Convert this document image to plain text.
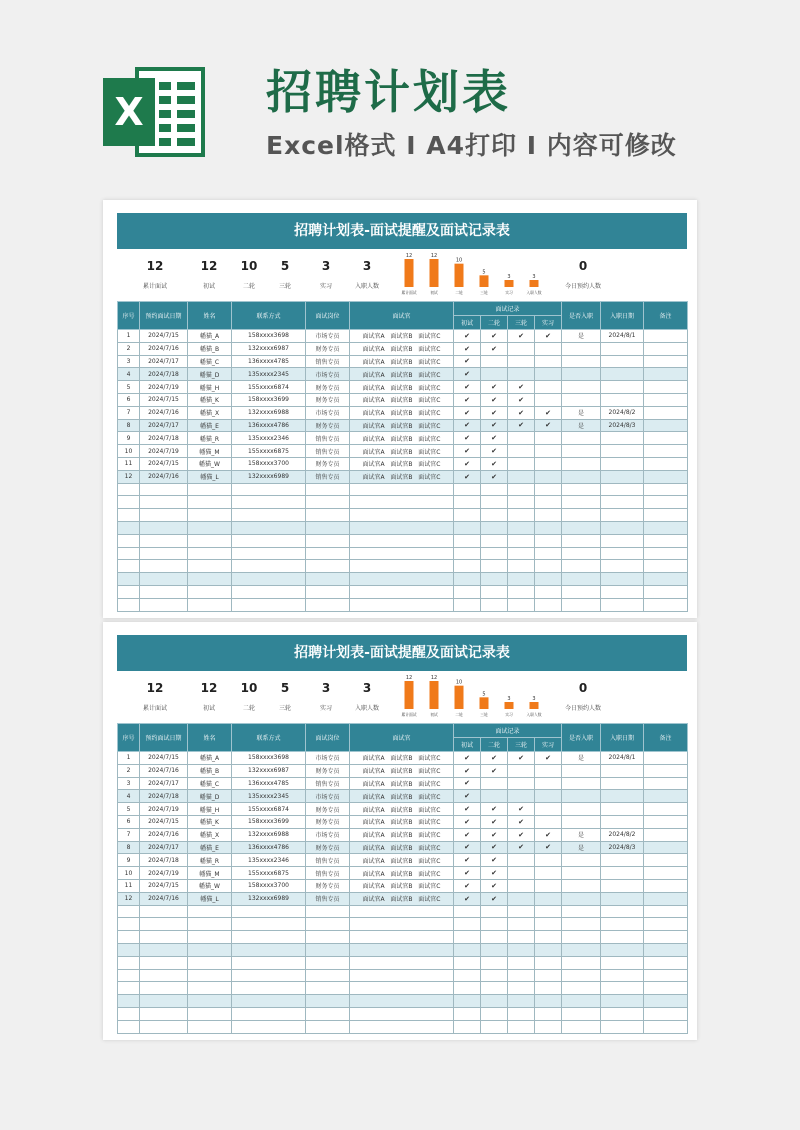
X	招聘计划表
Excel格式 I A4打印 I 内容可修改
招聘计划表-面试提醒及面试记录表
12
累计面试
12
初试
10
二轮
5
三轮
3
实习
3
入职人数
12
累计面试
12
初试
10
二轮
5
三轮
3
实习
3
入职人数
0
今日预约人数
序号	预约面试日期	姓名	联系方式	面试岗位	面试官	面试记录				是否入职	入职日期	备注
						初试	二轮	三轮	实习			
1	2024/7/15	幡猫_A	158xxxx3698	市场专员	面试官A 面试官B 面试官C	✔	✔	✔	✔	是	2024/8/1	
2	2024/7/16	幡猫_B	132xxxx6987	财务专员	面试官A 面试官B 面试官C	✔	✔					
3	2024/7/17	幡猫_C	136xxxx4785	销售专员	面试官A 面试官B 面试官C	✔						
4	2024/7/18	幡猫_D	135xxxx2345	市场专员	面试官A 面试官B 面试官C	✔						
5	2024/7/19	幡猫_H	155xxxx6874	财务专员	面试官A 面试官B 面试官C	✔	✔	✔				
6	2024/7/15	幡猫_K	158xxxx3699	财务专员	面试官A 面试官B 面试官C	✔	✔	✔				
7	2024/7/16	幡猫_X	132xxxx6988	市场专员	面试官A 面试官B 面试官C	✔	✔	✔	✔	是	2024/8/2	
8	2024/7/17	幡猫_E	136xxxx4786	财务专员	面试官A 面试官B 面试官C	✔	✔	✔	✔	是	2024/8/3	
9	2024/7/18	幡猫_R	135xxxx2346	销售专员	面试官A 面试官B 面试官C	✔	✔					
10	2024/7/19	幡猫_M	155xxxx6875	销售专员	面试官A 面试官B 面试官C	✔	✔					
11	2024/7/15	幡猫_W	158xxxx3700	财务专员	面试官A 面试官B 面试官C	✔	✔					
12	2024/7/16	幡猫_L	132xxxx6989	销售专员	面试官A 面试官B 面试官C	✔	✔					

招聘计划表-面试提醒及面试记录表
12
累计面试
12
初试
10
二轮
5
三轮
3
实习
3
入职人数
12
累计面试
12
初试
10
二轮
5
三轮
3
实习
3
入职人数
0
今日预约人数
序号	预约面试日期	姓名	联系方式	面试岗位	面试官	面试记录				是否入职	入职日期	备注
						初试	二轮	三轮	实习			
1	2024/7/15	幡猫_A	158xxxx3698	市场专员	面试官A 面试官B 面试官C	✔	✔	✔	✔	是	2024/8/1	
2	2024/7/16	幡猫_B	132xxxx6987	财务专员	面试官A 面试官B 面试官C	✔	✔					
3	2024/7/17	幡猫_C	136xxxx4785	销售专员	面试官A 面试官B 面试官C	✔						
4	2024/7/18	幡猫_D	135xxxx2345	市场专员	面试官A 面试官B 面试官C	✔						
5	2024/7/19	幡猫_H	155xxxx6874	财务专员	面试官A 面试官B 面试官C	✔	✔	✔				
6	2024/7/15	幡猫_K	158xxxx3699	财务专员	面试官A 面试官B 面试官C	✔	✔	✔				
7	2024/7/16	幡猫_X	132xxxx6988	市场专员	面试官A 面试官B 面试官C	✔	✔	✔	✔	是	2024/8/2	
8	2024/7/17	幡猫_E	136xxxx4786	财务专员	面试官A 面试官B 面试官C	✔	✔	✔	✔	是	2024/8/3	
9	2024/7/18	幡猫_R	135xxxx2346	销售专员	面试官A 面试官B 面试官C	✔	✔					
10	2024/7/19	幡猫_M	155xxxx6875	销售专员	面试官A 面试官B 面试官C	✔	✔					
11	2024/7/15	幡猫_W	158xxxx3700	财务专员	面试官A 面试官B 面试官C	✔	✔					
12	2024/7/16	幡猫_L	132xxxx6989	销售专员	面试官A 面试官B 面试官C	✔	✔					
